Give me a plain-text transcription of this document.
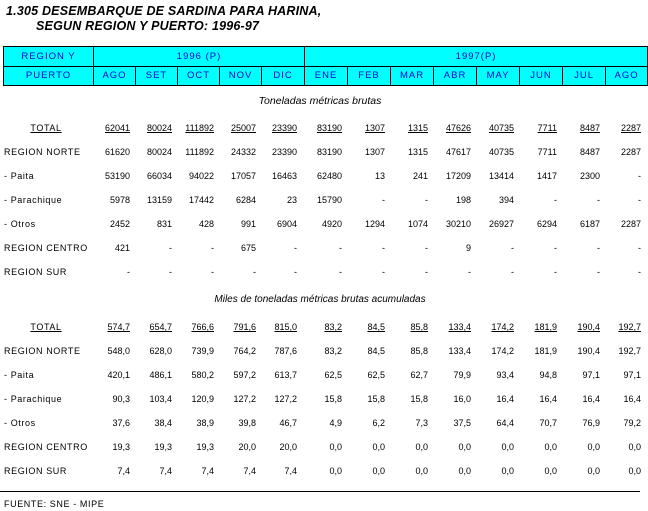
1.305 DESEMBARQUE DE SARDINA PARA HARINA,
SEGUN REGION Y PUERTO: 1996-97
REGION Y	1996 (P)					1997(P)							
PUERTO	AGO	SET	OCT	NOV	DIC	ENE	FEB	MAR	ABR	MAY	JUN	JUL	AGO
Toneladas métricas brutas
TOTAL	62041	80024	111892	25007	23390	83190	1307	1315	47626	40735	7711	8487	2287
REGION NORTE	61620	80024	111892	24332	23390	83190	1307	1315	47617	40735	7711	8487	2287
- Paita	53190	66034	94022	17057	16463	62480	13	241	17209	13414	1417	2300	-
- Parachique	5978	13159	17442	6284	23	15790	-	-	198	394	-	-	-
- Otros	2452	831	428	991	6904	4920	1294	1074	30210	26927	6294	6187	2287
REGION CENTRO	421	-	-	675	-	-	-	-	9	-	-	-	-
REGION SUR	-	-	-	-	-	-	-	-	-	-	-	-	-
Miles de toneladas métricas brutas acumuladas
TOTAL	574,7	654,7	766,6	791,6	815,0	83,2	84,5	85,8	133,4	174,2	181,9	190,4	192,7
REGION NORTE	548,0	628,0	739,9	764,2	787,6	83,2	84,5	85,8	133,4	174,2	181,9	190,4	192,7
- Paita	420,1	486,1	580,2	597,2	613,7	62,5	62,5	62,7	79,9	93,4	94,8	97,1	97,1
- Parachique	90,3	103,4	120,9	127,2	127,2	15,8	15,8	15,8	16,0	16,4	16,4	16,4	16,4
- Otros	37,6	38,4	38,9	39,8	46,7	4,9	6,2	7,3	37,5	64,4	70,7	76,9	79,2
REGION CENTRO	19,3	19,3	19,3	20,0	20,0	0,0	0,0	0,0	0,0	0,0	0,0	0,0	0,0
REGION SUR	7,4	7,4	7,4	7,4	7,4	0,0	0,0	0,0	0,0	0,0	0,0	0,0	0,0
FUENTE: SNE - MIPE
